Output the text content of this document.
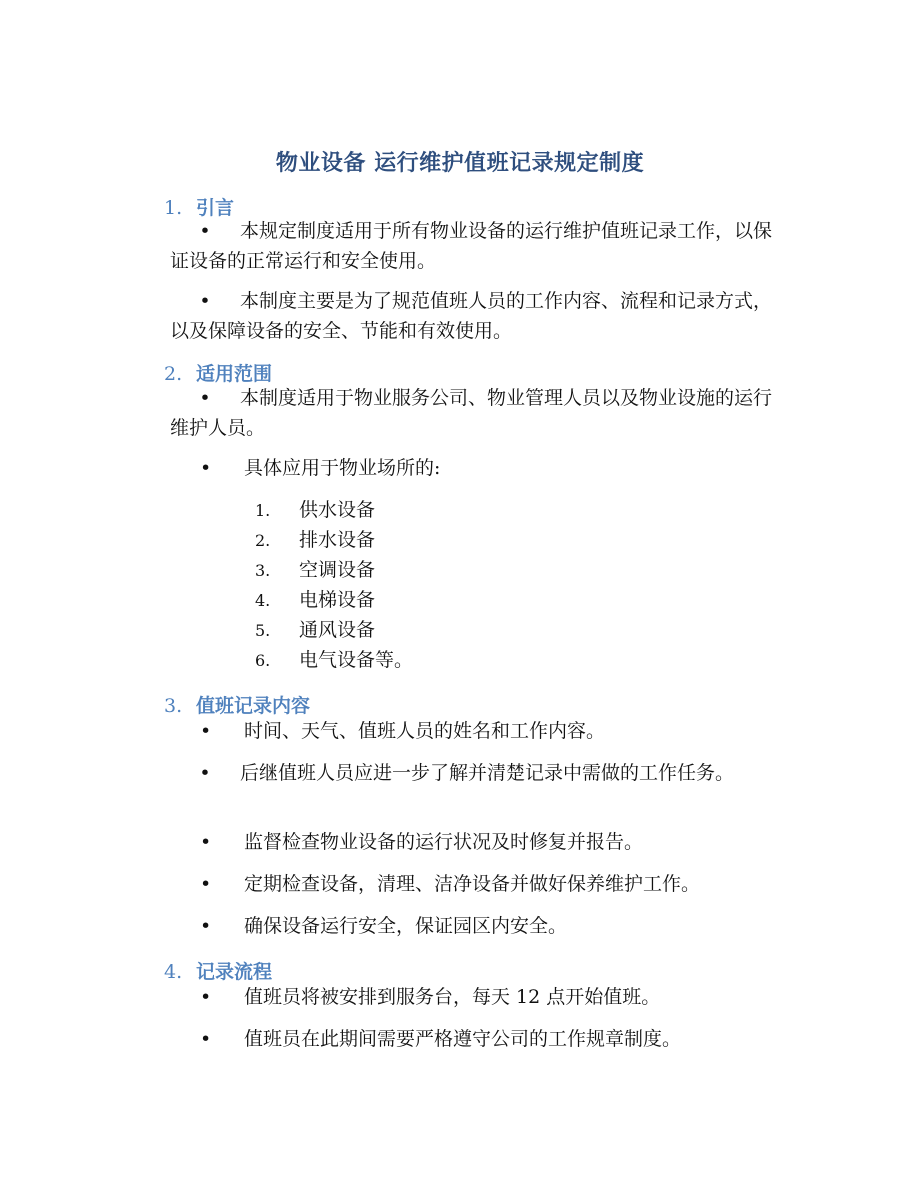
物业设备 运行维护值班记录规定制度
1. 引言
• 本规定制度适用于所有物业设备的运行维护值班记录工作，以保证设备的正常运行和安全使用。
• 本制度主要是为了规范值班人员的工作内容、流程和记录方式，以及保障设备的安全、节能和有效使用。
2. 适用范围
• 本制度适用于物业服务公司、物业管理人员以及物业设施的运行维护人员。
• 具体应用于物业场所的:
1. 供水设备
2. 排水设备
3. 空调设备
4. 电梯设备
5. 通风设备
6. 电气设备等。
3. 值班记录内容
• 时间、天气、值班人员的姓名和工作内容。
• 后继值班人员应进一步了解并清楚记录中需做的工作任务。
• 监督检查物业设备的运行状况及时修复并报告。
• 定期检查设备，清理、洁净设备并做好保养维护工作。
• 确保设备运行安全，保证园区内安全。
4. 记录流程
• 值班员将被安排到服务台，每天 12 点开始值班。
• 值班员在此期间需要严格遵守公司的工作规章制度。
